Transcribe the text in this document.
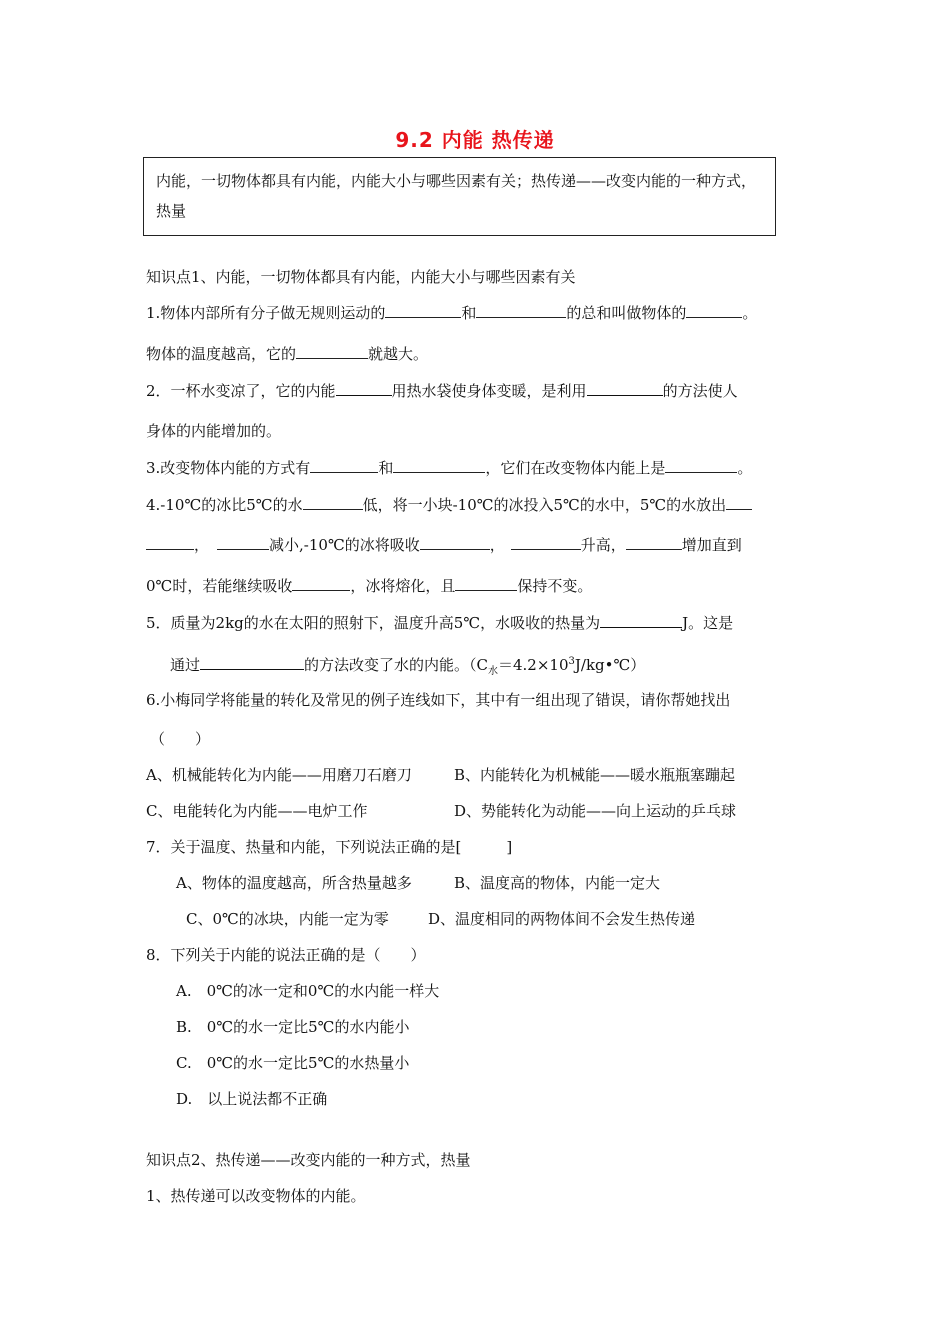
9.2 内能 热传递
内能，一切物体都具有内能，内能大小与哪些因素有关；热传递——改变内能的一种方式，热量
知识点1、内能，一切物体都具有内能，内能大小与哪些因素有关
1.物体内部所有分子做无规则运动的	和	的总和叫做物体的	。
物体的温度越高，它的	就越大。
2．一杯水变凉了，它的内能	用热水袋使身体变暖，是利用	的方法使人
身体的内能增加的。
3.改变物体内能的方式有	和	，它们在改变物体内能上是	。
4.-10℃的冰比5℃的水	低，将一小块-10℃的冰投入5℃的水中，5℃的水放出
，	减小,-10℃的冰将吸收	，	升高，	增加直到
0℃时，若能继续吸收	，冰将熔化，且	保持不变。
5．质量为2kg的水在太阳的照射下，温度升高5℃，水吸收的热量为	J。这是
通过	的方法改变了水的内能。$(C_水=4.2\times 10^3J/kg•℃)$
6.小梅同学将能量的转化及常见的例子连线如下，其中有一组出现了错误，请你帮她找出
（　　）
A、机械能转化为内能——用磨刀石磨刀	B、内能转化为机械能——暖水瓶瓶塞蹦起
C、电能转化为内能——电炉工作	D、势能转化为动能——向上运动的乒乓球
7．关于温度、热量和内能，下列说法正确的是[　　　]
A、物体的温度越高，所含热量越多	B、温度高的物体，内能一定大
C、0℃的冰块，内能一定为零	D、温度相同的两物体间不会发生热传递
8．下列关于内能的说法正确的是（　　）
A.　0℃的冰一定和0℃的水内能一样大
B.　0℃的水一定比5℃的水内能小
C.　0℃的水一定比5℃的水热量小
D.　以上说法都不正确
知识点2、热传递——改变内能的一种方式，热量
1、热传递可以改变物体的内能。
